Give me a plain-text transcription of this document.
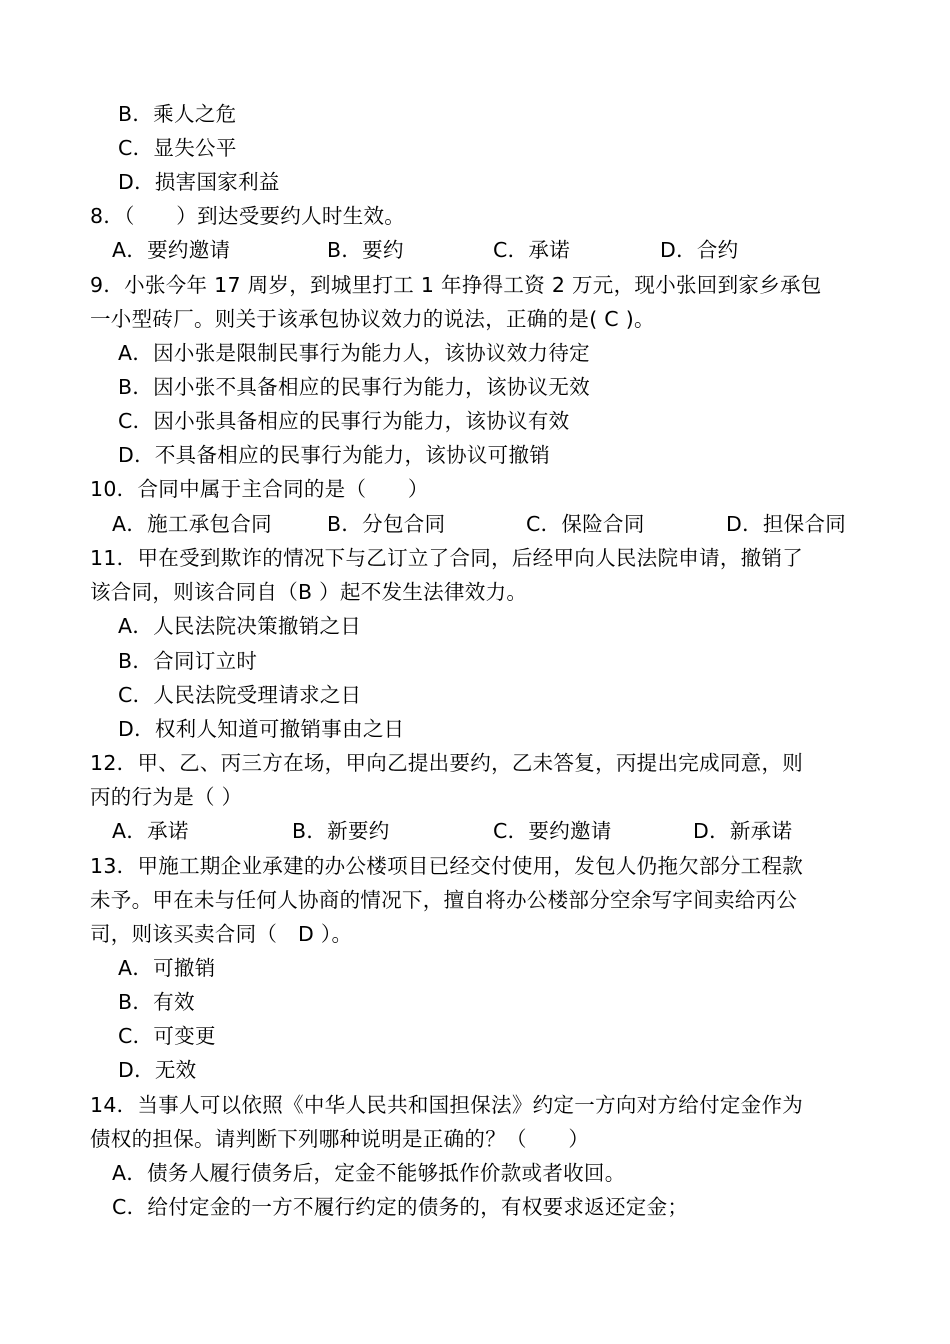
B．乘人之危
C．显失公平
D．损害国家利益
8．（　　）到达受要约人时生效。
A．要约邀请	B．要约	C．承诺	D．合约
9．小张今年 17 周岁，到城里打工 1 年挣得工资 2 万元，现小张回到家乡承包
一小型砖厂。则关于该承包协议效力的说法，正确的是( C )。
A．因小张是限制民事行为能力人，该协议效力待定
B．因小张不具备相应的民事行为能力，该协议无效
C．因小张具备相应的民事行为能力，该协议有效
D．不具备相应的民事行为能力，该协议可撤销
10．合同中属于主合同的是（　　）
A．施工承包合同	B．分包合同	C．保险合同	D．担保合同
11．甲在受到欺诈的情况下与乙订立了合同，后经甲向人民法院申请，撤销了
该合同，则该合同自（B ）起不发生法律效力。
A．人民法院决策撤销之日
B．合同订立时
C．人民法院受理请求之日
D．权利人知道可撤销事由之日
12．甲、乙、丙三方在场，甲向乙提出要约，乙未答复，丙提出完成同意，则
丙的行为是（ ）
A．承诺	B．新要约	C．要约邀请	D．新承诺
13．甲施工期企业承建的办公楼项目已经交付使用，发包人仍拖欠部分工程款
未予。甲在未与任何人协商的情况下，擅自将办公楼部分空余写字间卖给丙公
司，则该买卖合同（　D ）。
A．可撤销
B．有效
C．可变更
D．无效
14．当事人可以依照《中华人民共和国担保法》约定一方向对方给付定金作为
债权的担保。请判断下列哪种说明是正确的？（　　）
A．债务人履行债务后，定金不能够抵作价款或者收回。
C．给付定金的一方不履行约定的债务的，有权要求返还定金；
